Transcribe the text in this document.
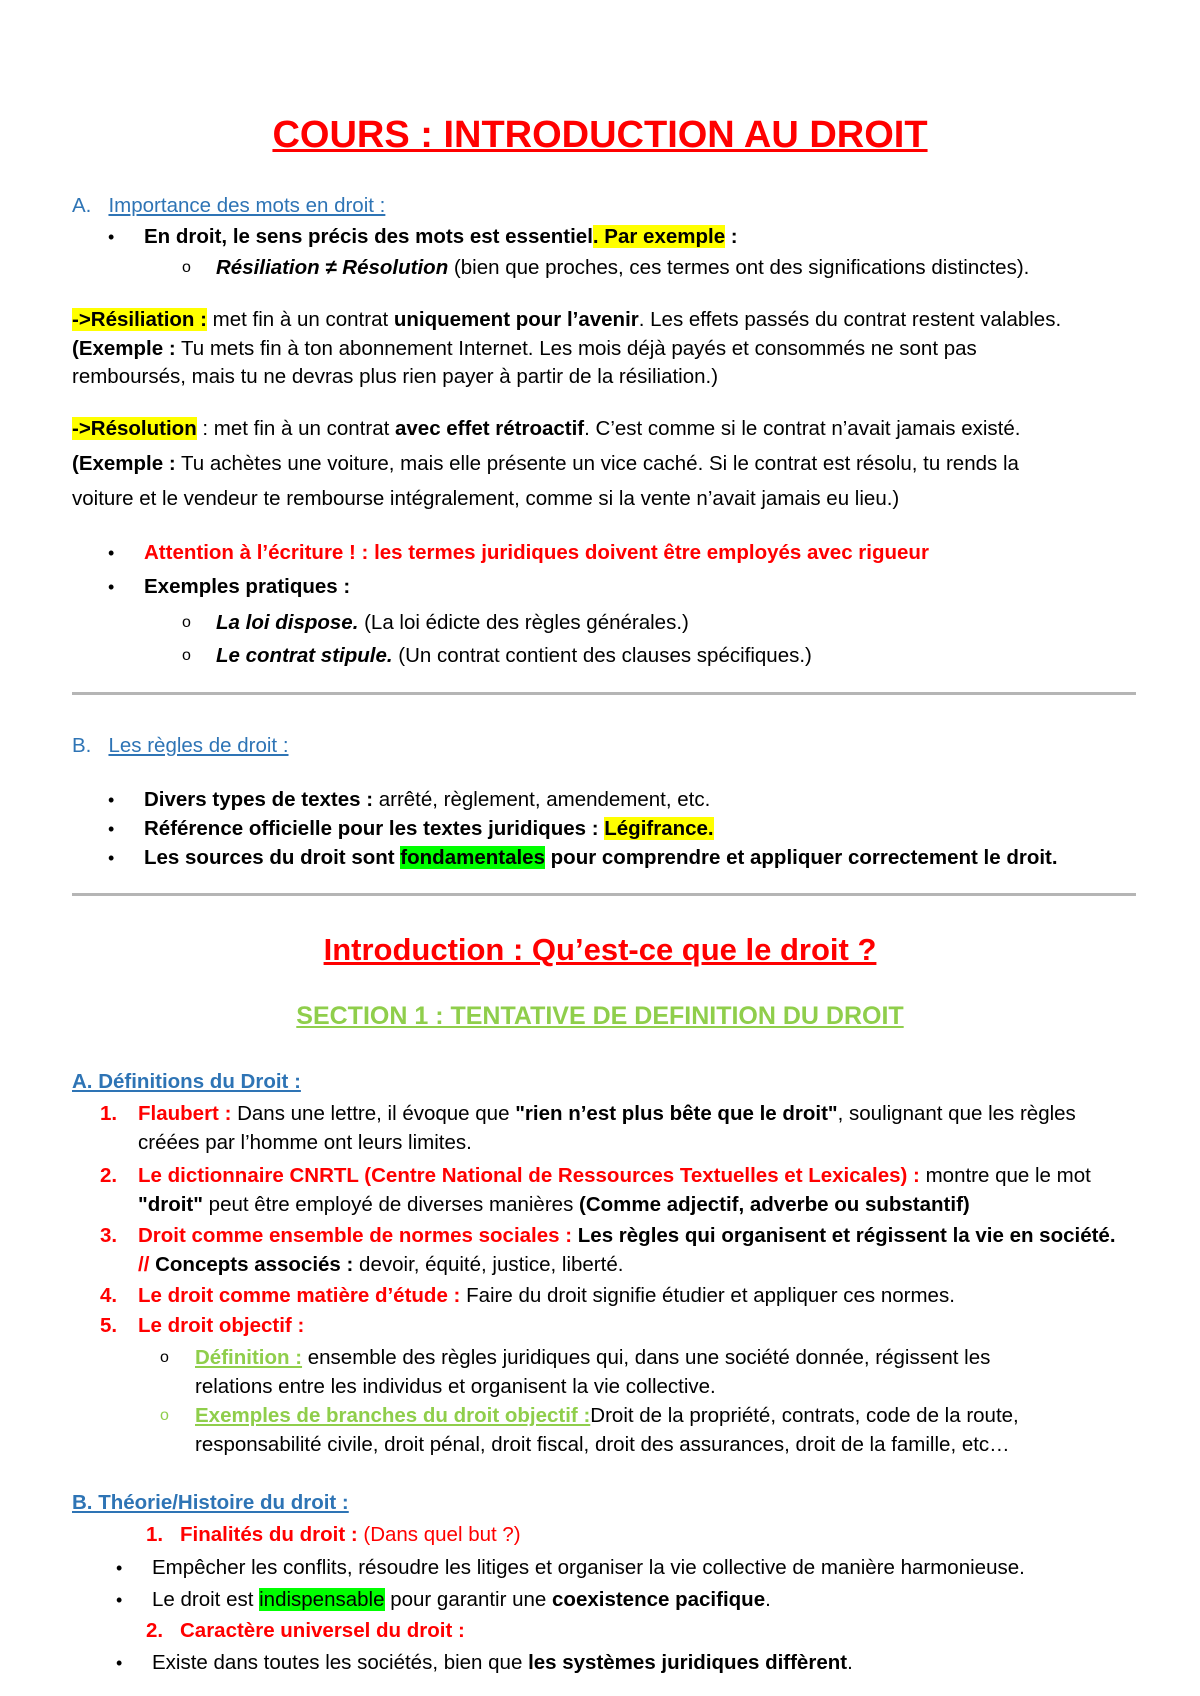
COURS : INTRODUCTION AU DROIT
A. Importance des mots en droit :
• En droit, le sens précis des mots est essentiel. Par exemple :
o Résiliation ≠ Résolution (bien que proches, ces termes ont des significations distinctes).
->Résiliation : met fin à un contrat uniquement pour l’avenir. Les effets passés du contrat restent valables.
(Exemple : Tu mets fin à ton abonnement Internet. Les mois déjà payés et consommés ne sont pas
remboursés, mais tu ne devras plus rien payer à partir de la résiliation.)
->Résolution : met fin à un contrat avec effet rétroactif. C’est comme si le contrat n’avait jamais existé.
(Exemple : Tu achètes une voiture, mais elle présente un vice caché. Si le contrat est résolu, tu rends la
voiture et le vendeur te rembourse intégralement, comme si la vente n’avait jamais eu lieu.)
• Attention à l’écriture ! : les termes juridiques doivent être employés avec rigueur
• Exemples pratiques :
o La loi dispose. (La loi édicte des règles générales.)
o Le contrat stipule. (Un contrat contient des clauses spécifiques.)
B. Les règles de droit :
• Divers types de textes : arrêté, règlement, amendement, etc.
• Référence officielle pour les textes juridiques : Légifrance.
• Les sources du droit sont fondamentales pour comprendre et appliquer correctement le droit.
Introduction : Qu’est-ce que le droit ?
SECTION 1 : TENTATIVE DE DEFINITION DU DROIT
A. Définitions du Droit :
1. Flaubert : Dans une lettre, il évoque que "rien n’est plus bête que le droit", soulignant que les règles
créées par l’homme ont leurs limites.
2. Le dictionnaire CNRTL (Centre National de Ressources Textuelles et Lexicales) : montre que le mot
"droit" peut être employé de diverses manières (Comme adjectif, adverbe ou substantif)
3. Droit comme ensemble de normes sociales : Les règles qui organisent et régissent la vie en société.
// Concepts associés : devoir, équité, justice, liberté.
4. Le droit comme matière d’étude : Faire du droit signifie étudier et appliquer ces normes.
5. Le droit objectif :
o Définition : ensemble des règles juridiques qui, dans une société donnée, régissent les
relations entre les individus et organisent la vie collective.
o Exemples de branches du droit objectif :Droit de la propriété, contrats, code de la route,
responsabilité civile, droit pénal, droit fiscal, droit des assurances, droit de la famille, etc…
B. Théorie/Histoire du droit :
1. Finalités du droit : (Dans quel but ?)
• Empêcher les conflits, résoudre les litiges et organiser la vie collective de manière harmonieuse.
• Le droit est indispensable pour garantir une coexistence pacifique.
2. Caractère universel du droit :
• Existe dans toutes les sociétés, bien que les systèmes juridiques diffèrent.
